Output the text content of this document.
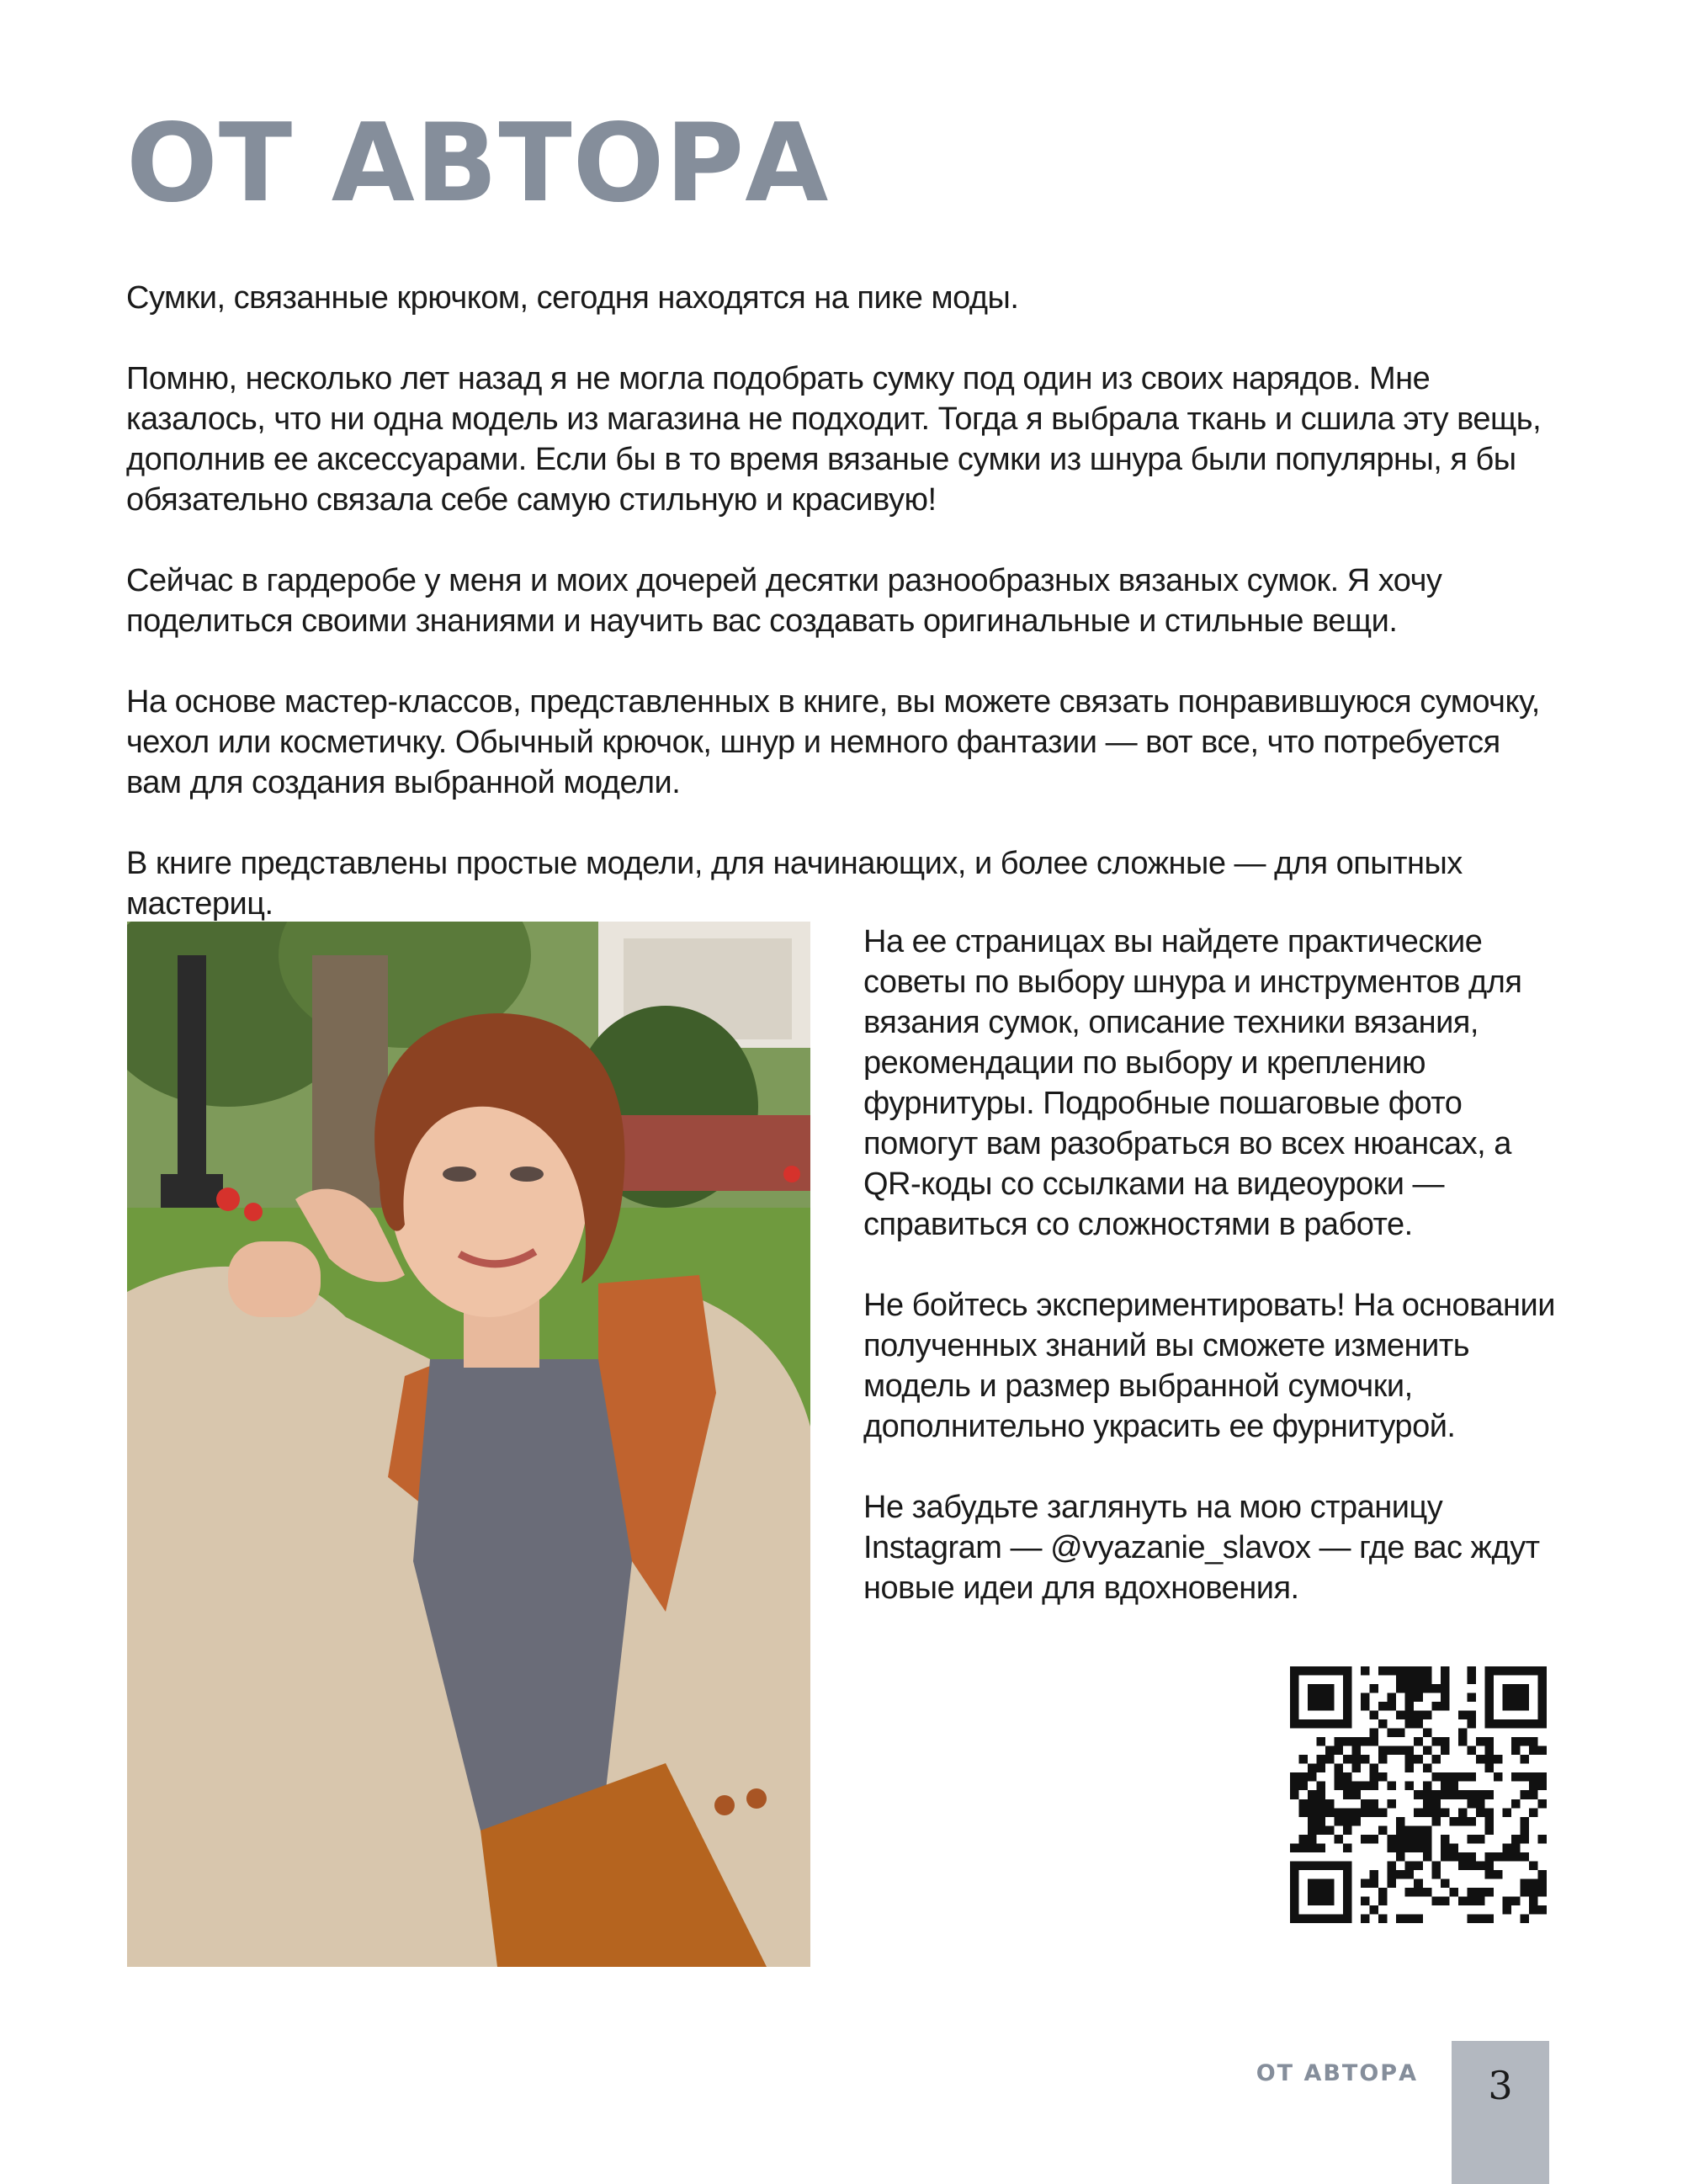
ОТ АВТОРА

Сумки, связанные крючком, сегодня находятся на пике моды.

Помню, несколько лет назад я не могла подобрать сумку под один из своих нарядов. Мне казалось, что ни одна модель из магазина не подходит. Тогда я выбрала ткань и сшила эту вещь, дополнив ее аксессуарами. Если бы в то время вязаные сумки из шнура были популярны, я бы обязательно связала себе самую стильную и красивую!

Сейчас в гардеробе у меня и моих дочерей десятки разнообразных вязаных сумок. Я хочу поделиться своими знаниями и научить вас создавать оригинальные и стильные вещи.

На основе мастер-классов, представленных в книге, вы можете связать понравившуюся сумочку, чехол или косметичку. Обычный крючок, шнур и немного фантазии — вот все, что потребуется вам для создания выбранной модели.

В книге представлены простые модели, для начинающих, и более сложные — для опытных мастериц.

На ее страницах вы найдете практические советы по выбору шнура и инструментов для вязания сумок, описание техники вязания, рекомендации по выбору и креплению фурнитуры. Подробные пошаговые фото помогут вам разобраться во всех нюансах, а QR-коды со ссылками на видеоуроки — справиться со сложностями в работе.

Не бойтесь экспериментировать! На основании полученных знаний вы сможете изменить модель и размер выбранной сумочки, дополнительно украсить ее фурнитурой.

Не забудьте заглянуть на мою страницу Instagram — @vyazanie_slavox — где вас ждут новые идеи для вдохновения.

ОТ АВТОРА	3
